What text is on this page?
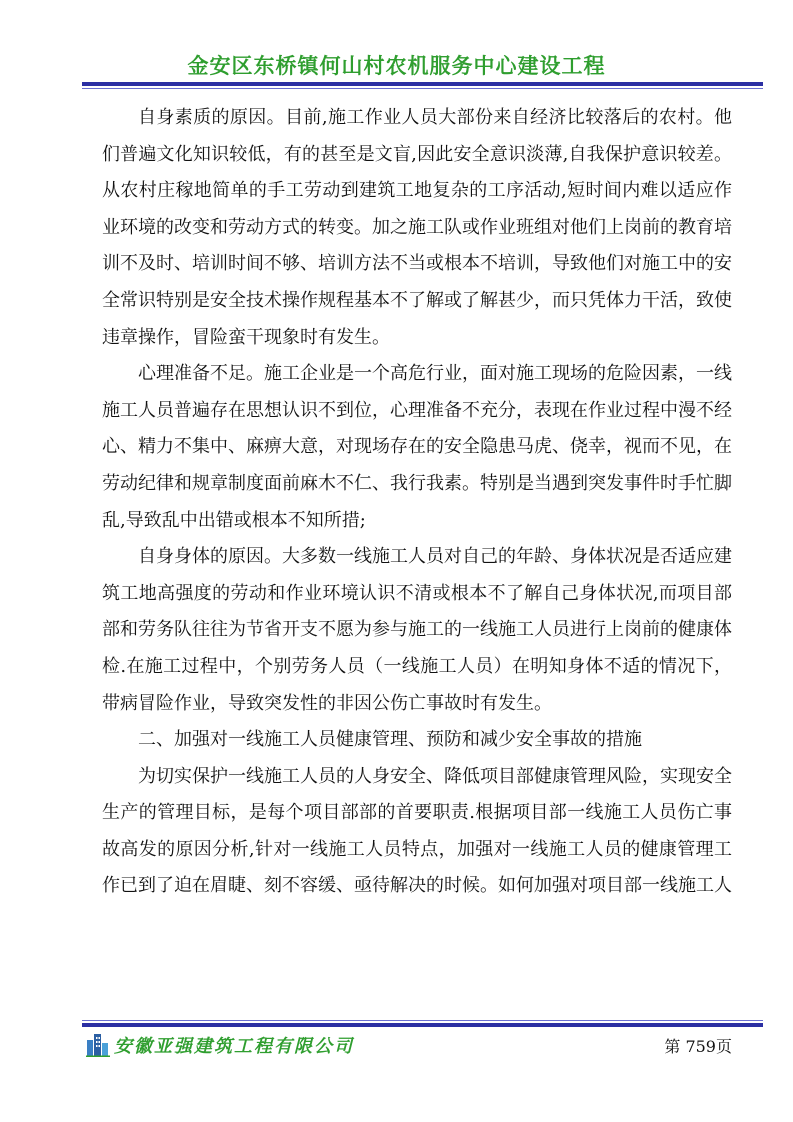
金安区东桥镇何山村农机服务中心建设工程

自身素质的原因。目前,施工作业人员大部份来自经济比较落后的农村。他们普遍文化知识较低，有的甚至是文盲,因此安全意识淡薄,自我保护意识较差。从农村庄稼地简单的手工劳动到建筑工地复杂的工序活动,短时间内难以适应作业环境的改变和劳动方式的转变。加之施工队或作业班组对他们上岗前的教育培训不及时、培训时间不够、培训方法不当或根本不培训，导致他们对施工中的安全常识特别是安全技术操作规程基本不了解或了解甚少，而只凭体力干活，致使违章操作，冒险蛮干现象时有发生。

心理准备不足。施工企业是一个高危行业，面对施工现场的危险因素，一线施工人员普遍存在思想认识不到位，心理准备不充分，表现在作业过程中漫不经心、精力不集中、麻痹大意，对现场存在的安全隐患马虎、侥幸，视而不见，在劳动纪律和规章制度面前麻木不仁、我行我素。特别是当遇到突发事件时手忙脚乱,导致乱中出错或根本不知所措;

自身身体的原因。大多数一线施工人员对自己的年龄、身体状况是否适应建筑工地高强度的劳动和作业环境认识不清或根本不了解自己身体状况,而项目部部和劳务队往往为节省开支不愿为参与施工的一线施工人员进行上岗前的健康体检.在施工过程中，个别劳务人员（一线施工人员）在明知身体不适的情况下，带病冒险作业，导致突发性的非因公伤亡事故时有发生。

二、加强对一线施工人员健康管理、预防和减少安全事故的措施

为切实保护一线施工人员的人身安全、降低项目部健康管理风险，实现安全生产的管理目标，是每个项目部部的首要职责.根据项目部一线施工人员伤亡事故高发的原因分析,针对一线施工人员特点，加强对一线施工人员的健康管理工作已到了迫在眉睫、刻不容缓、亟待解决的时候。如何加强对项目部一线施工人

安徽亚强建筑工程有限公司	第 759页
